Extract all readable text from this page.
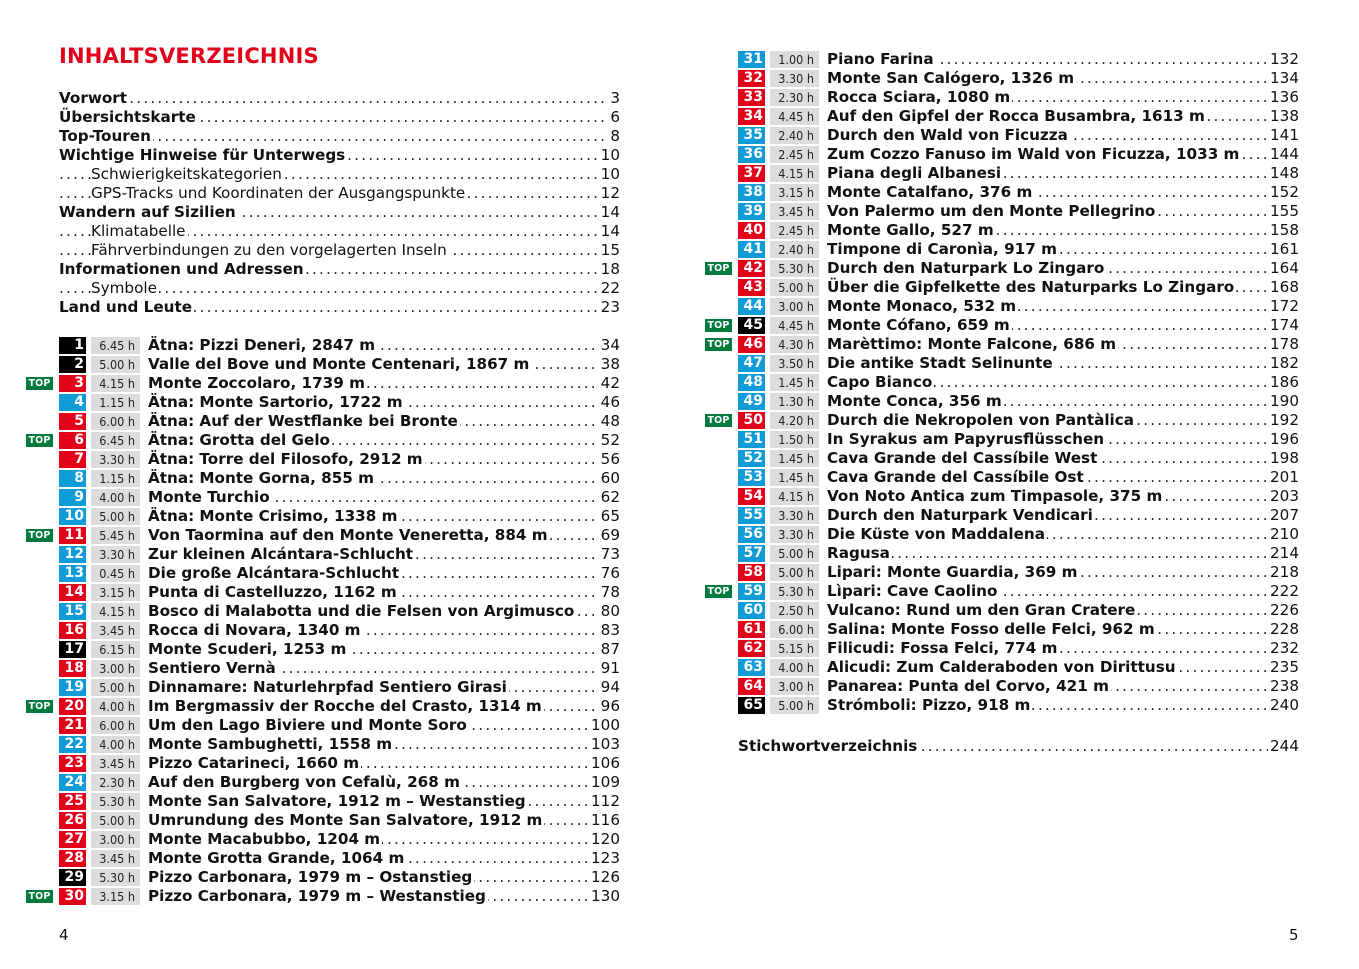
INHALTSVERZEICHNIS
.....
Vorwort	3
.....
Übersichtskarte	6
.....
Top-Touren	8
.....
Wichtige Hinweise für Unterwegs	10
.....
Schwierigkeitskategorien	10
.....
GPS-Tracks und Koordinaten der Ausgangspunkte	12
.....
Wandern auf Sizilien	14
.....
Klimatabelle	14
.....
Fährverbindungen zu den vorgelagerten Inseln	15
.....
Informationen und Adressen	18
.....
Symbole	22
.....
Land und Leute	23
1	6.45 h ..... Ätna: Pizzi Deneri, 2847 m	34
2	5.00 h ..... Valle del Bove und Monte Centenari, 1867 m	38
TOP	3	4.15 h ..... Monte Zoccolaro, 1739 m	42
4	1.15 h ..... Ätna: Monte Sartorio, 1722 m	46
5	6.00 h ..... Ätna: Auf der Westflanke bei Bronte	48
TOP	6	6.45 h ..... Ätna: Grotta del Gelo	52
7	3.30 h ..... Ätna: Torre del Filosofo, 2912 m	56
8	1.15 h ..... Ätna: Monte Gorna, 855 m	60
9	4.00 h ..... Monte Turchio	62
10	5.00 h ..... Ätna: Monte Crisimo, 1338 m	65
TOP 11	5.45 h ..... Von Taormina auf den Monte Veneretta, 884 m	69
12	3.30 h ..... Zur kleinen Alcántara-Schlucht	73
13	0.45 h ..... Die große Alcántara-Schlucht	76
14	3.15 h ..... Punta di Castelluzzo, 1162 m	78
15	4.15 h ..... Bosco di Malabotta und die Felsen von Argimusco 80
16	3.45 h ..... Rocca di Novara, 1340 m	83
17	6.15 h ..... Monte Scuderi, 1253 m	87
18	3.00 h ..... Sentiero Vernà	91
19	5.00 h ..... Dinnamare: Naturlehrpfad Sentiero Girasi	94
TOP 20	4.00 h ..... Im Bergmassiv der Rocche del Crasto, 1314 m	96
21	6.00 h ..... Um den Lago Biviere und Monte Soro	100
22	4.00 h ..... Monte Sambughetti, 1558 m	103
23	3.45 h ..... Pizzo Catarineci, 1660 m	106
24	2.30 h ..... Auf den Burgberg von Cefalù, 268 m	109
25	5.30 h ..... Monte San Salvatore, 1912 m – Westanstieg	112
26	5.00 h ..... Umrundung des Monte San Salvatore, 1912 m	116
27	3.00 h ..... Monte Macabubbo, 1204 m	120
28	3.45 h ..... Monte Grotta Grande, 1064 m	123
29	5.30 h ..... Pizzo Carbonara, 1979 m – Ostanstieg	126
TOP 30	3.15 h ..... Pizzo Carbonara, 1979 m – Westanstieg	130
4
31	1.00 h ..... Piano Farina	132
32	3.30 h ..... Monte San Calógero, 1326 m	134
33	2.30 h ..... Rocca Sciara, 1080 m	136
34	4.45 h ..... Auf den Gipfel der Rocca Busambra, 1613 m	138
35	2.40 h ..... Durch den Wald von Ficuzza	141
36	2.45 h ..... Zum Cozzo Fanuso im Wald von Ficuzza, 1033 m 144
37	4.15 h ..... Piana degli Albanesi	148
38	3.15 h ..... Monte Catalfano, 376 m	152
39	3.45 h ..... Von Palermo um den Monte Pellegrino	155
40	2.45 h ..... Monte Gallo, 527 m	158
41	2.40 h ..... Timpone di Caronìa, 917 m	161
TOP 42	5.30 h ..... Durch den Naturpark Lo Zingaro	164
43	5.00 h ..... Über die Gipfelkette des Naturparks Lo Zingaro 168
44	3.00 h ..... Monte Monaco, 532 m	172
TOP 45	4.45 h ..... Monte Cófano, 659 m	174
TOP 46	4.30 h ..... Marèttimo: Monte Falcone, 686 m	178
47	3.50 h ..... Die antike Stadt Selinunte	182
48	1.45 h ..... Capo Bianco	186
49	1.30 h ..... Monte Conca, 356 m	190
TOP 50	4.20 h ..... Durch die Nekropolen von Pantàlica	192
51	1.50 h ..... In Syrakus am Papyrusflüsschen	196
52	1.45 h ..... Cava Grande del Cassíbile West	198
53	1.45 h ..... Cava Grande del Cassíbile Ost	201
54	4.15 h ..... Von Noto Antica zum Timpasole, 375 m	203
55	3.30 h ..... Durch den Naturpark Vendicari	207
56	3.30 h ..... Die Küste von Maddalena	210
57	5.00 h ..... Ragusa	214
58	5.00 h ..... Lipari: Monte Guardia, 369 m	218
TOP 59	5.30 h ..... Lìpari: Cave Caolino	222
60	2.50 h ..... Vulcano: Rund um den Gran Cratere	226
61	6.00 h ..... Salina: Monte Fosso delle Felci, 962 m	228
62	5.15 h ..... Filicudi: Fossa Felci, 774 m	232
63	4.00 h ..... Alicudi: Zum Calderaboden von Dirittusu	235
64	3.00 h ..... Panarea: Punta del Corvo, 421 m	238
65	5.00 h ..... Strómboli: Pizzo, 918 m	240
.....
Stichwortverzeichnis	244
5
